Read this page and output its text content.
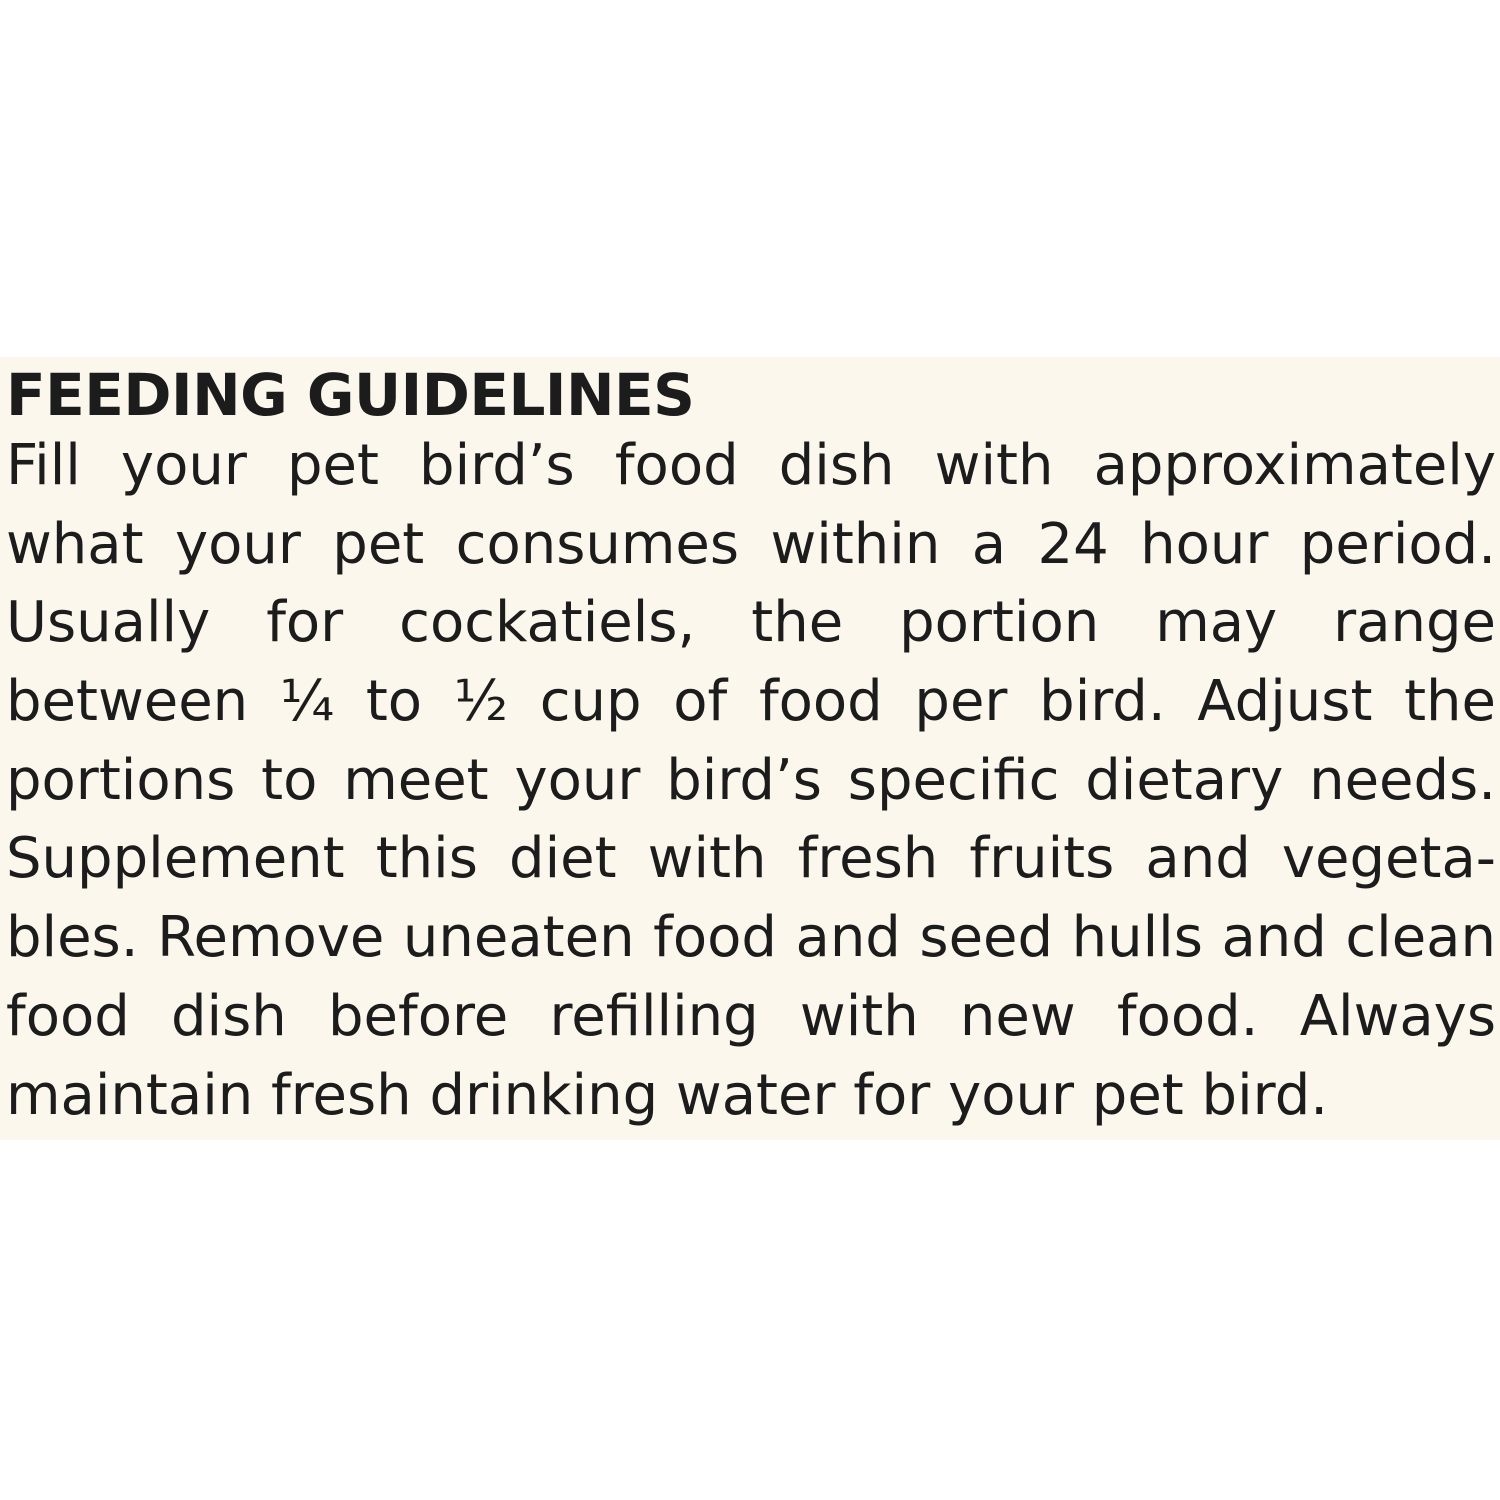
FEEDING GUIDELINES
Fill your pet bird’s food dish with approximately
what your pet consumes within a 24 hour period.
Usually for cockatiels, the portion may range
between ¼ to ½ cup of food per bird. Adjust the
portions to meet your bird’s specific dietary needs.
Supplement this diet with fresh fruits and vegeta-
bles. Remove uneaten food and seed hulls and clean
food dish before refilling with new food. Always
maintain fresh drinking water for your pet bird.
